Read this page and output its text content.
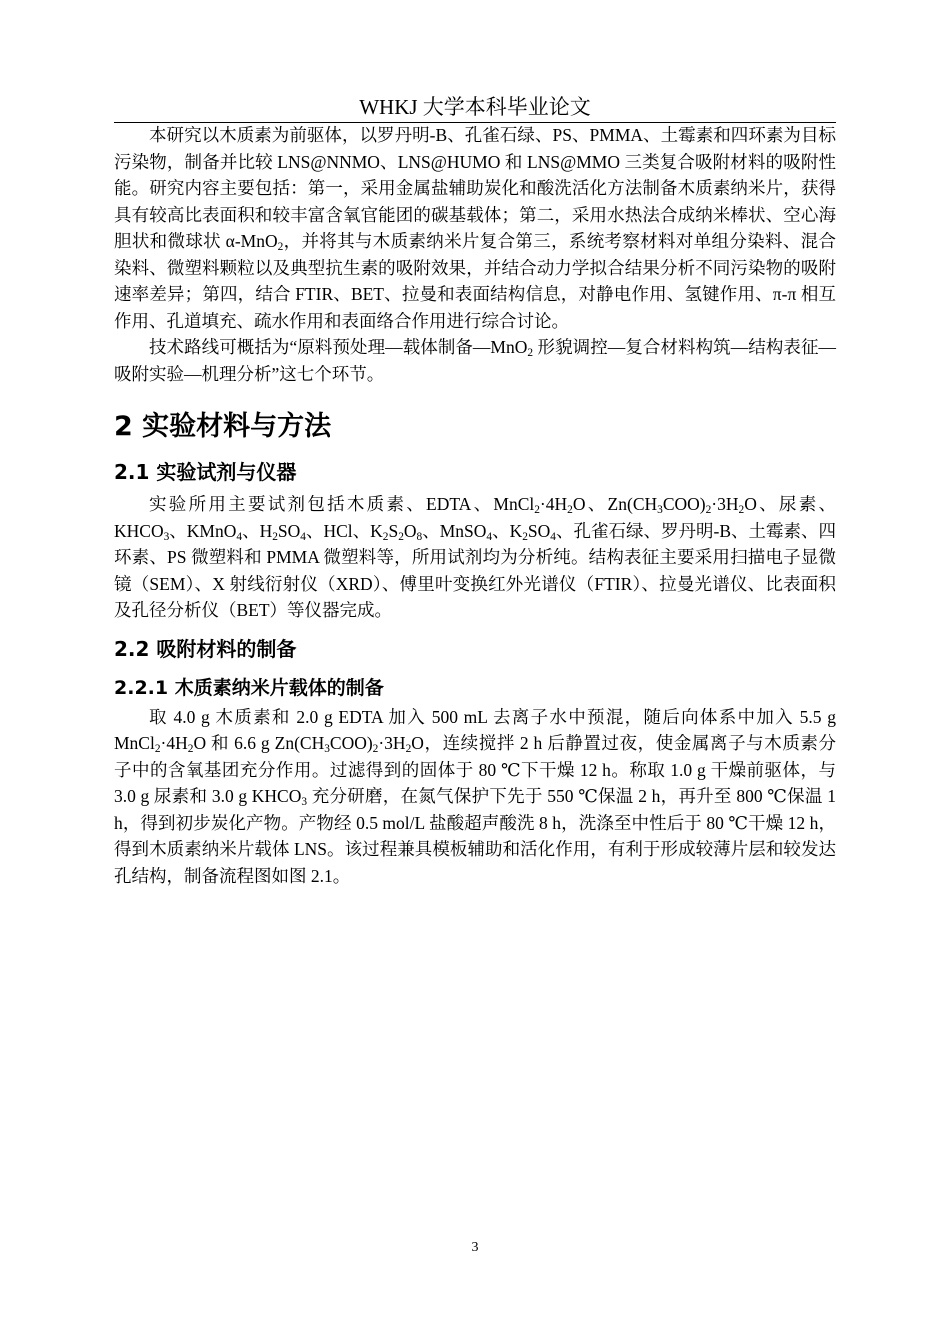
WHKJ 大学本科毕业论文

本研究以木质素为前驱体，以罗丹明-B、孔雀石绿、PS、PMMA、土霉素和四环素为目标污染物，制备并比较 LNS@NNMO、LNS@HUMO 和 LNS@MMO 三类复合吸附材料的吸附性能。研究内容主要包括：第一，采用金属盐辅助炭化和酸洗活化方法制备木质素纳米片，获得具有较高比表面积和较丰富含氧官能团的碳基载体；第二，采用水热法合成纳米棒状、空心海胆状和微球状 α-MnO$_2$，并将其与木质素纳米片复合第三，系统考察材料对单组分染料、混合染料、微塑料颗粒以及典型抗生素的吸附效果，并结合动力学拟合结果分析不同污染物的吸附速率差异；第四，结合 FTIR、BET、拉曼和表面结构信息，对静电作用、氢键作用、π-π 相互作用、孔道填充、疏水作用和表面络合作用进行综合讨论。

技术路线可概括为“原料预处理—载体制备—MnO$_2$ 形貌调控—复合材料构筑—结构表征—吸附实验—机理分析”这七个环节。

2 实验材料与方法
2.1 实验试剂与仪器

实验所用主要试剂包括木质素、EDTA、$MnCl_2\cdot 4H_2O$、$Zn(CH_3COO)_2\cdot 3H_2O$、尿素、$KHCO_3$、KMnO$_4$、$H_2SO_4$、HCl、$K_2S_2O_8$、MnSO$_4$、$K_2SO_4$、孔雀石绿、罗丹明-B、土霉素、四环素、PS 微塑料和 PMMA 微塑料等，所用试剂均为分析纯。结构表征主要采用扫描电子显微镜（SEM）、X 射线衍射仪（XRD）、傅里叶变换红外光谱仪（FTIR）、拉曼光谱仪、比表面积及孔径分析仪（BET）等仪器完成。

2.2 吸附材料的制备
2.2.1 木质素纳米片载体的制备

取 4.0 g 木质素和 2.0 g EDTA 加入 500 mL 去离子水中预混，随后向体系中加入 5.5 g $MnCl_2\cdot 4H_2O$ 和 6.6 g $Zn(CH_3COO)_2\cdot 3H_2O$，连续搅拌 2 h 后静置过夜，使金属离子与木质素分子中的含氧基团充分作用。过滤得到的固体于 80 ℃下干燥 12 h。称取 1.0 g 干燥前驱体，与 3.0 g 尿素和 3.0 g $KHCO_3$ 充分研磨，在氮气保护下先于 550 ℃保温 2 h，再升至 800 ℃保温 1 h，得到初步炭化产物。产物经 0.5 mol/L 盐酸超声酸洗 8 h，洗涤至中性后于 80 ℃干燥 12 h，得到木质素纳米片载体 LNS。该过程兼具模板辅助和活化作用，有利于形成较薄片层和较发达孔结构，制备流程图如图 2.1。

3
